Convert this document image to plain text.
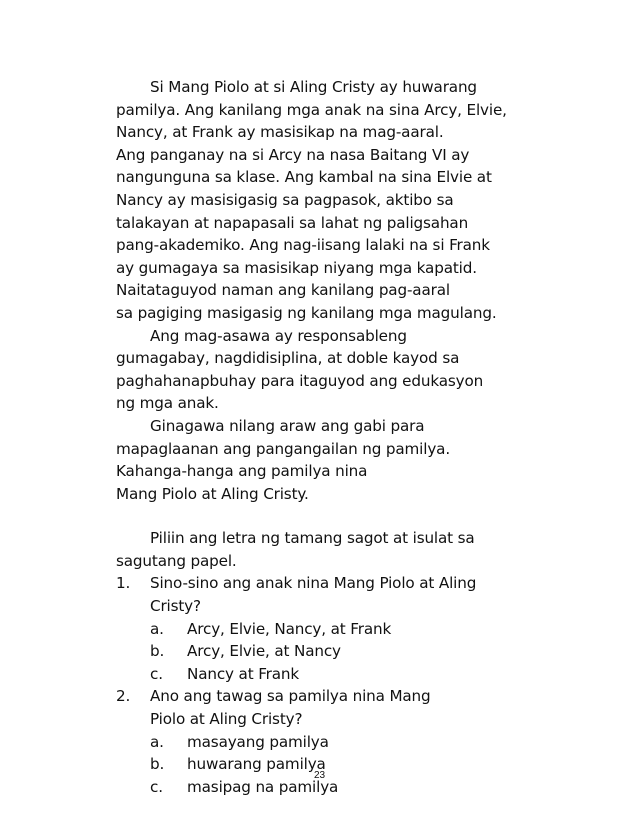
Si Mang Piolo at si Aling Cristy ay huwarang
pamilya. Ang kanilang mga anak na sina Arcy, Elvie,
Nancy, at Frank ay masisikap na mag-aaral.
Ang panganay na si Arcy na nasa Baitang VI ay
nangunguna sa klase. Ang kambal na sina Elvie at
Nancy ay masisigasig sa pagpasok, aktibo sa
talakayan at napapasali sa lahat ng paligsahan
pang-akademiko. Ang nag-iisang lalaki na si Frank
ay gumagaya sa masisikap niyang mga kapatid.
Naitataguyod naman ang kanilang pag-aaral
sa pagiging masigasig ng kanilang mga magulang.
Ang mag-asawa ay responsableng
gumagabay, nagdidisiplina, at doble kayod sa
paghahanapbuhay para itaguyod ang edukasyon
ng mga anak.
Ginagawa nilang araw ang gabi para
mapaglaanan ang pangangailan ng pamilya.
Kahanga-hanga ang pamilya nina
Mang Piolo at Aling Cristy.
Piliin ang letra ng tamang sagot at isulat sa
sagutang papel.
1.	Sino-sino ang anak nina Mang Piolo at Aling
Cristy?
a.	Arcy, Elvie, Nancy, at Frank
b.	Arcy, Elvie, at Nancy
c.	Nancy at Frank
2.	Ano ang tawag sa pamilya nina Mang
Piolo at Aling Cristy?
a.	masayang pamilya
b.	huwarang pamilya
c.	masipag na pamilya
23
